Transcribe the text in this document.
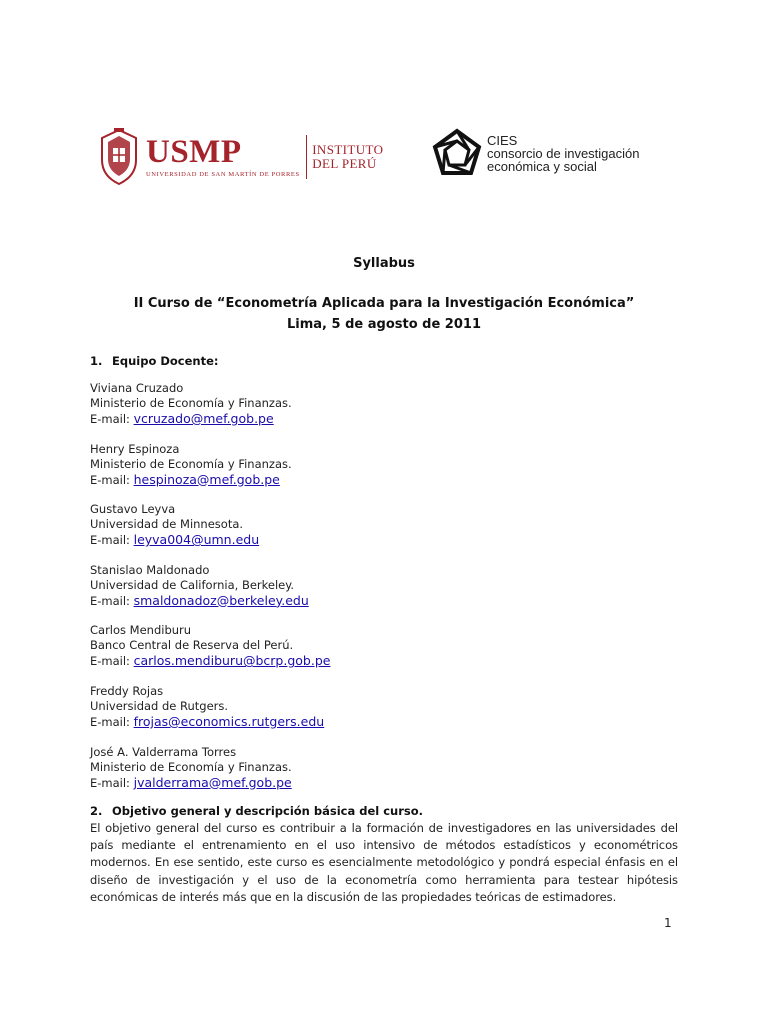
USMP
UNIVERSIDAD DE SAN MARTÍN DE PORRES
INSTITUTO
DEL PERÚ
CIES
consorcio de investigación
económica y social
Syllabus
II Curso de “Econometría Aplicada para la Investigación Económica”
Lima, 5 de agosto de 2011

1. Equipo Docente:

Viviana Cruzado

Ministerio de Economía y Finanzas.

E-mail: vcruzado@mef.gob.pe

Henry Espinoza

Ministerio de Economía y Finanzas.

E-mail: hespinoza@mef.gob.pe

Gustavo Leyva

Universidad de Minnesota.

E-mail: leyva004@umn.edu

Stanislao Maldonado

Universidad de California, Berkeley.

E-mail: smaldonadoz@berkeley.edu

Carlos Mendiburu

Banco Central de Reserva del Perú.

E-mail: carlos.mendiburu@bcrp.gob.pe

Freddy Rojas

Universidad de Rutgers.

E-mail: frojas@economics.rutgers.edu

José A. Valderrama Torres

Ministerio de Economía y Finanzas.

E-mail: jvalderrama@mef.gob.pe

2. Objetivo general y descripción básica del curso.

El objetivo general del curso es contribuir a la formación de investigadores en las universidades del país mediante el entrenamiento en el uso intensivo de métodos estadísticos y econométricos modernos. En ese sentido, este curso es esencialmente metodológico y pondrá especial énfasis en el diseño de investigación y el uso de la econometría como herramienta para testear hipótesis económicas de interés más que en la discusión de las propiedades teóricas de estimadores.

1
